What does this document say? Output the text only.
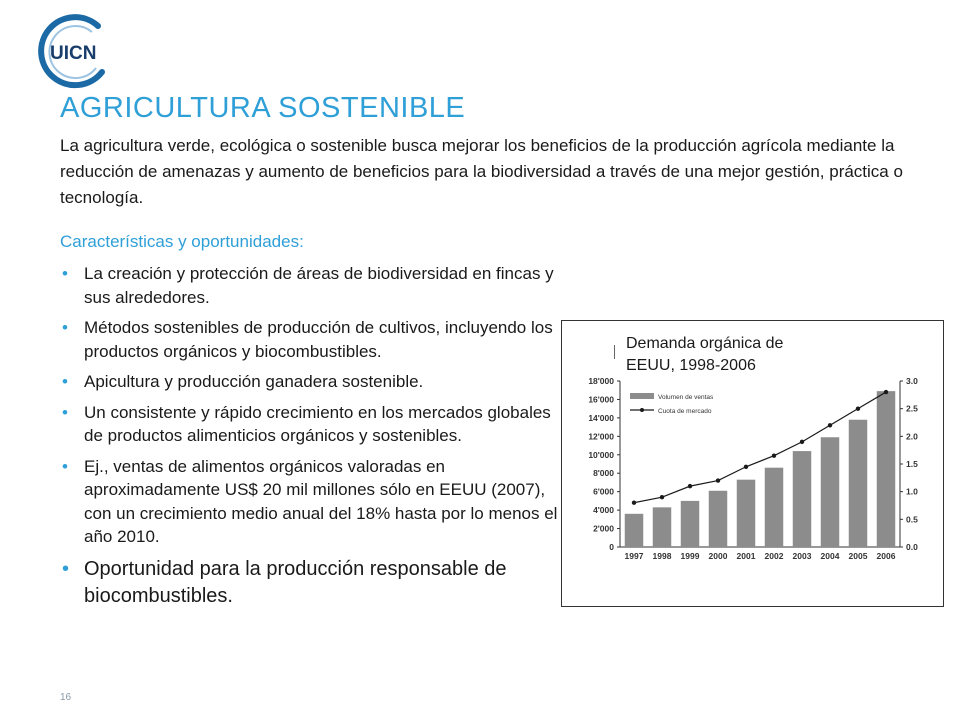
UICN
AGRICULTURA SOSTENIBLE

La agricultura verde, ecológica o sostenible busca mejorar los beneficios de la producción agrícola mediante la reducción de amenazas y aumento de beneficios para la biodiversidad a través de una mejor gestión, práctica o tecnología.

Características y oportunidades:
• La creación y protección de áreas de biodiversidad en fincas y sus alrededores.
• Métodos sostenibles de producción de cultivos, incluyendo los productos orgánicos y biocombustibles.
• Apicultura y producción ganadera sostenible.
• Un consistente y rápido crecimiento en los mercados globales de productos alimenticios orgánicos y sostenibles.
• Ej., ventas de alimentos orgánicos valoradas en aproximadamente US$ 20 mil millones sólo en EEUU (2007), con un crecimiento medio anual del 18% hasta por lo menos el año 2010.
• Oportunidad para la producción responsable de biocombustibles.
0
2'000
4'000
6'000
8'000
10'000
12'000
14'000
16'000
18'000
0.0
0.5
1.0
1.5
2.0
2.5
3.0
1997 1998 1999 2000 2001 2002 2003 2004 2005 2006
Volumen de ventas
Cuota de mercado
Demanda orgánica de EEUU, 1998-2006
16
